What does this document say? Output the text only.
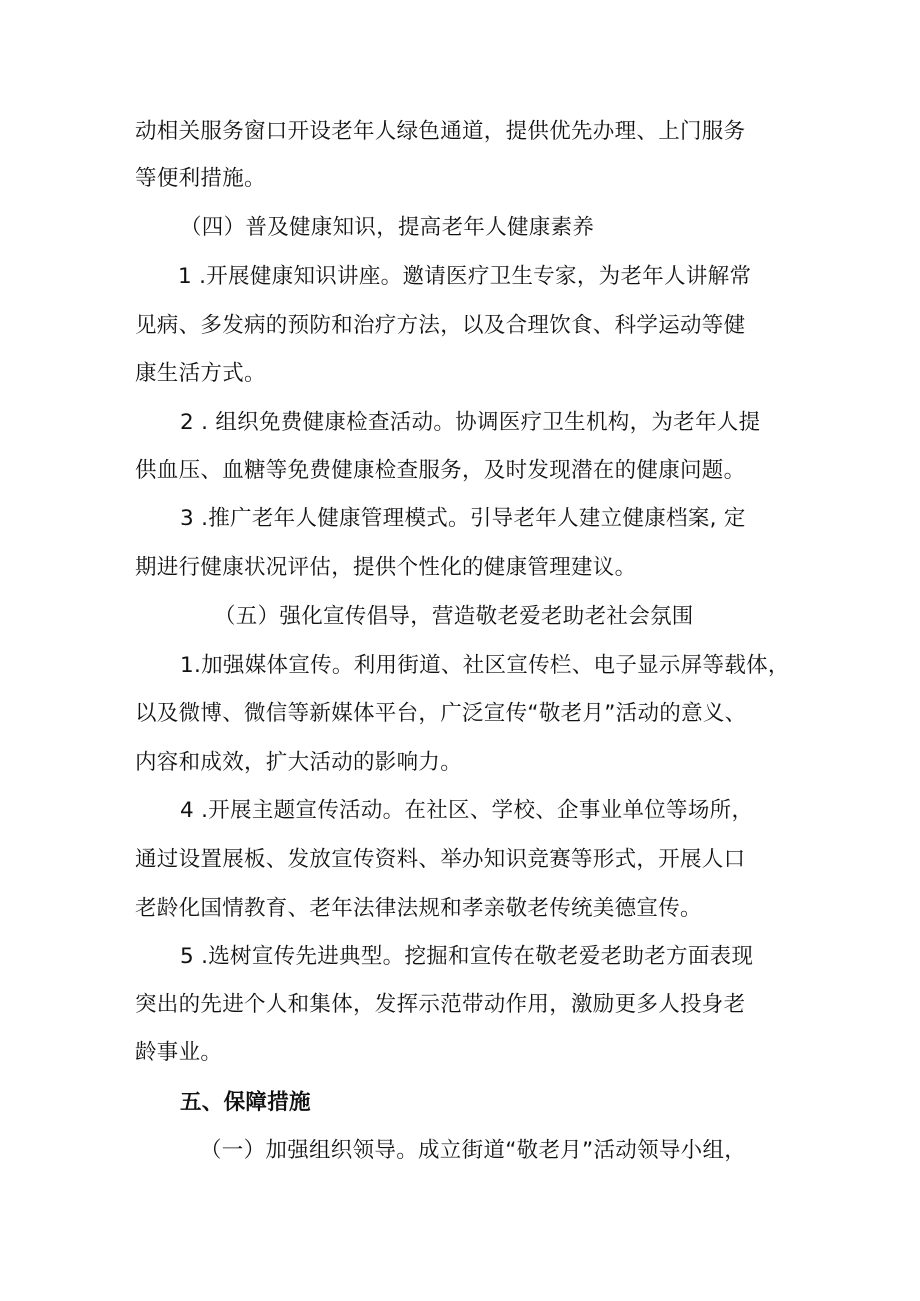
动相关服务窗口开设老年人绿色通道，提供优先办理、上门服务
等便利措施。
（四）普及健康知识，提高老年人健康素养
1 .开展健康知识讲座。邀请医疗卫生专家，为老年人讲解常
见病、多发病的预防和治疗方法，以及合理饮食、科学运动等健
康生活方式。
2 . 组织免费健康检查活动。协调医疗卫生机构，为老年人提
供血压、血糖等免费健康检查服务，及时发现潜在的健康问题。
3 .推广老年人健康管理模式。引导老年人建立健康档案, 定
期进行健康状况评估，提供个性化的健康管理建议。
（五）强化宣传倡导，营造敬老爱老助老社会氛围
1.加强媒体宣传。利用街道、社区宣传栏、电子显示屏等载体，
以及微博、微信等新媒体平台，广泛宣传“敬老月”活动的意义、
内容和成效，扩大活动的影响力。
4 .开展主题宣传活动。在社区、学校、企事业单位等场所，
通过设置展板、发放宣传资料、举办知识竞赛等形式，开展人口
老龄化国情教育、老年法律法规和孝亲敬老传统美德宣传。
5 .选树宣传先进典型。挖掘和宣传在敬老爱老助老方面表现
突出的先进个人和集体，发挥示范带动作用，激励更多人投身老
龄事业。
五、保障措施
（一）加强组织领导。成立街道“敬老月”活动领导小组，
